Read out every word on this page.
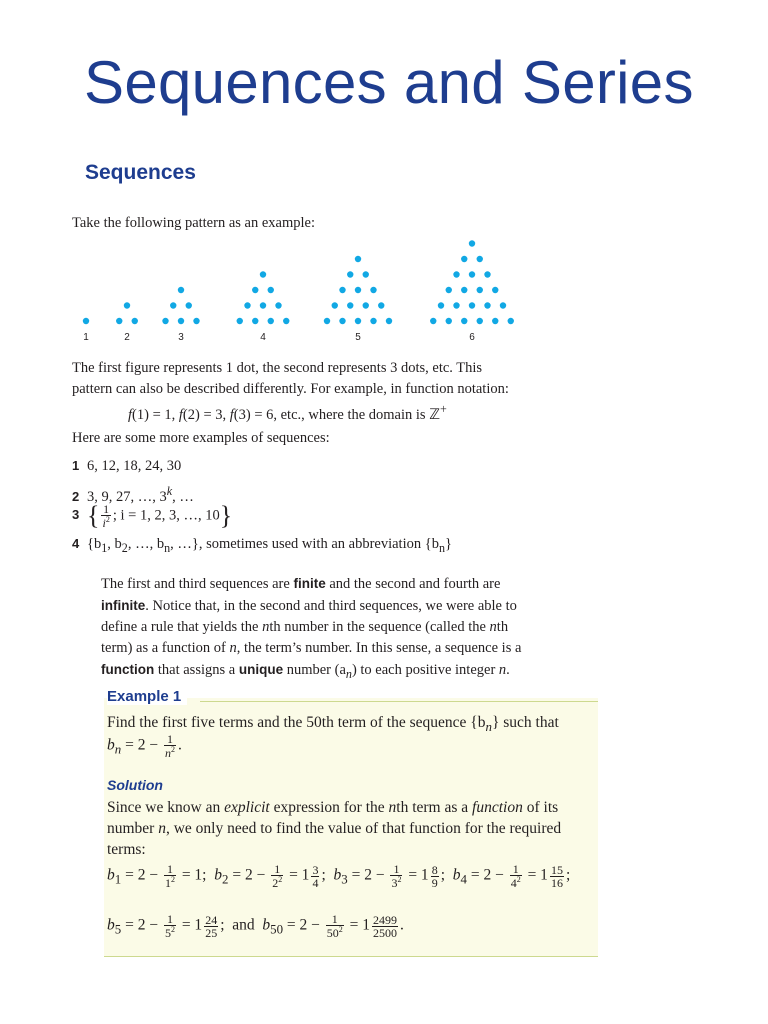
Sequences and Series
Sequences
Take the following pattern as an example:
1	2	3	4	5	6
The first figure represents 1 dot, the second represents 3 dots, etc. This
pattern can also be described differently. For example, in function notation:
f(1) = 1, f(2) = 3, f(3) = 6, etc., where the domain is ℤ+
Here are some more examples of sequences:
1 6, 12, 18, 24, 30
2 3, 9, 27, …, 3$^k$, …
3 { $\frac{1}{i^2}$ ; i = 1, 2, 3, …, 10}
4 {$b_1$, $b_2$, …, $b_n$, …}, sometimes used with an abbreviation $\{b_n\}$
The first and third sequences are finite and the second and fourth are
infinite. Notice that, in the second and third sequences, we were able to
define a rule that yields the nth number in the sequence (called the nth
term) as a function of n, the term’s number. In this sense, a sequence is a
function that assigns a unique number $(a_n)$ to each positive integer n.
Example 1
Find the first five terms and the 50th term of the sequence $\{b_n\}$ such that
$b_n = 2 - \frac{1}{n^2}$ .
Solution
Since we know an explicit expression for the nth term as a function of its
number n, we only need to find the value of that function for the required
terms:
$b_1 = 2 - \frac{1}{1^2} = 1$;  $b_2 = 2 - \frac{1}{2^2} = 1 \frac{3}{4}$ ;  $b_3 = 2 - \frac{1}{3^2} = 1 \frac{8}{9}$ ;  $b_4 = 2 - \frac{1}{4^2} = 1 \frac{15}{16}$ ;
$b_5 = 2 - \frac{1}{5^2} = 1 \frac{24}{25}$ ;  and $b_{50} = 2 - \frac{1}{50^2} = 1 \frac{2499}{2500}$ .
